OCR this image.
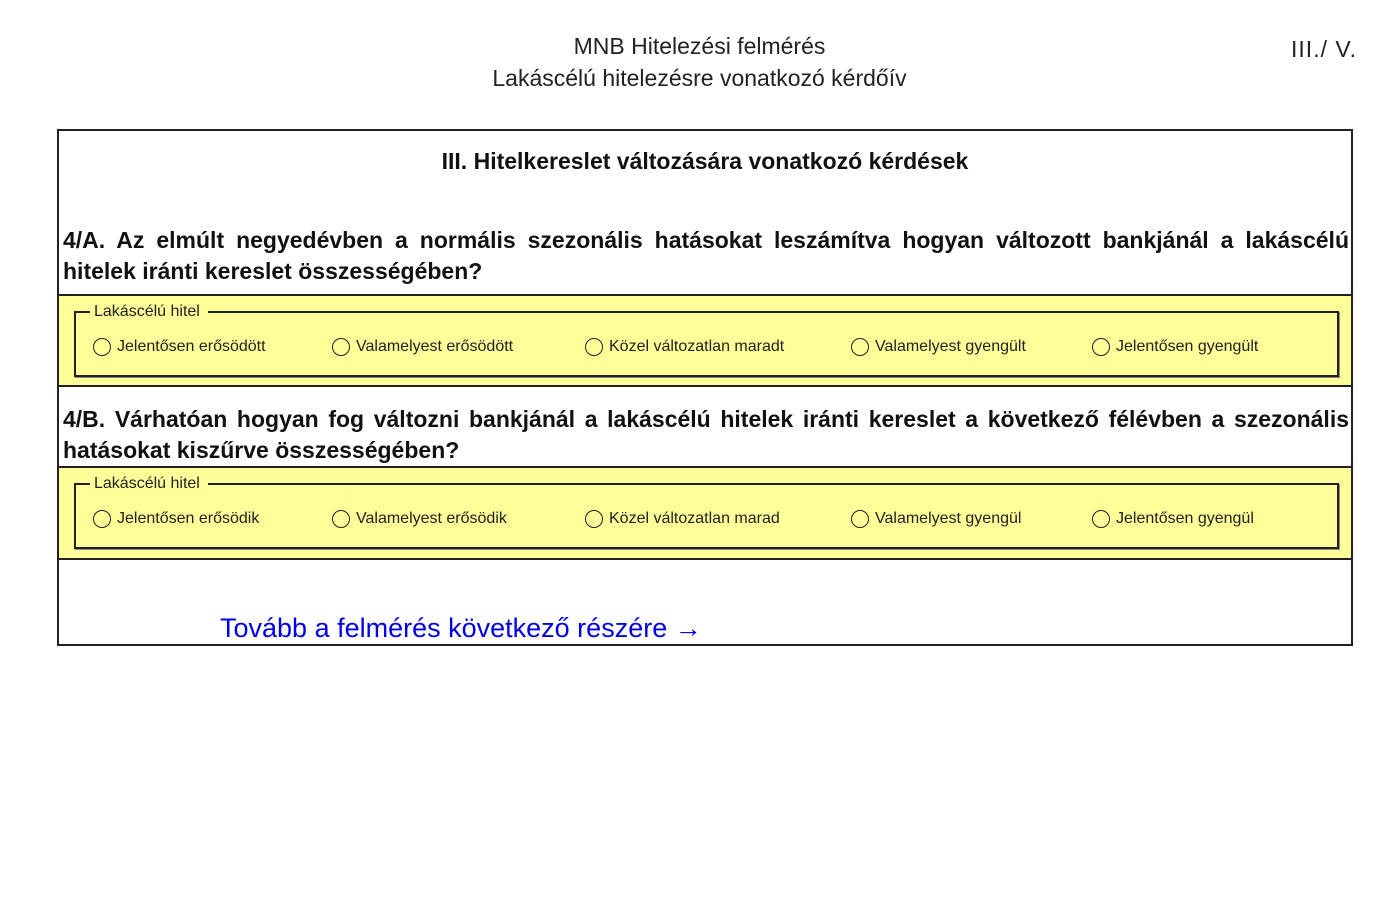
MNB Hitelezési felmérés
Lakáscélú hitelezésre vonatkozó kérdőív
III./ V.
III. Hitelkereslet változására vonatkozó kérdések
4/A. Az elmúlt negyedévben a normális szezonális hatásokat leszámítva hogyan változott bankjánál a lakáscélú hitelek iránti kereslet összességében?
Lakáscélú hitel
Jelentősen erősödött	Valamelyest erősödött	Közel változatlan maradt	Valamelyest gyengült	Jelentősen gyengült
4/B. Várhatóan hogyan fog változni bankjánál a lakáscélú hitelek iránti kereslet a következő félévben a szezonális hatásokat kiszűrve összességében?
Lakáscélú hitel
Jelentősen erősödik	Valamelyest erősödik	Közel változatlan marad	Valamelyest gyengül	Jelentősen gyengül
Tovább a felmérés következő részére →
